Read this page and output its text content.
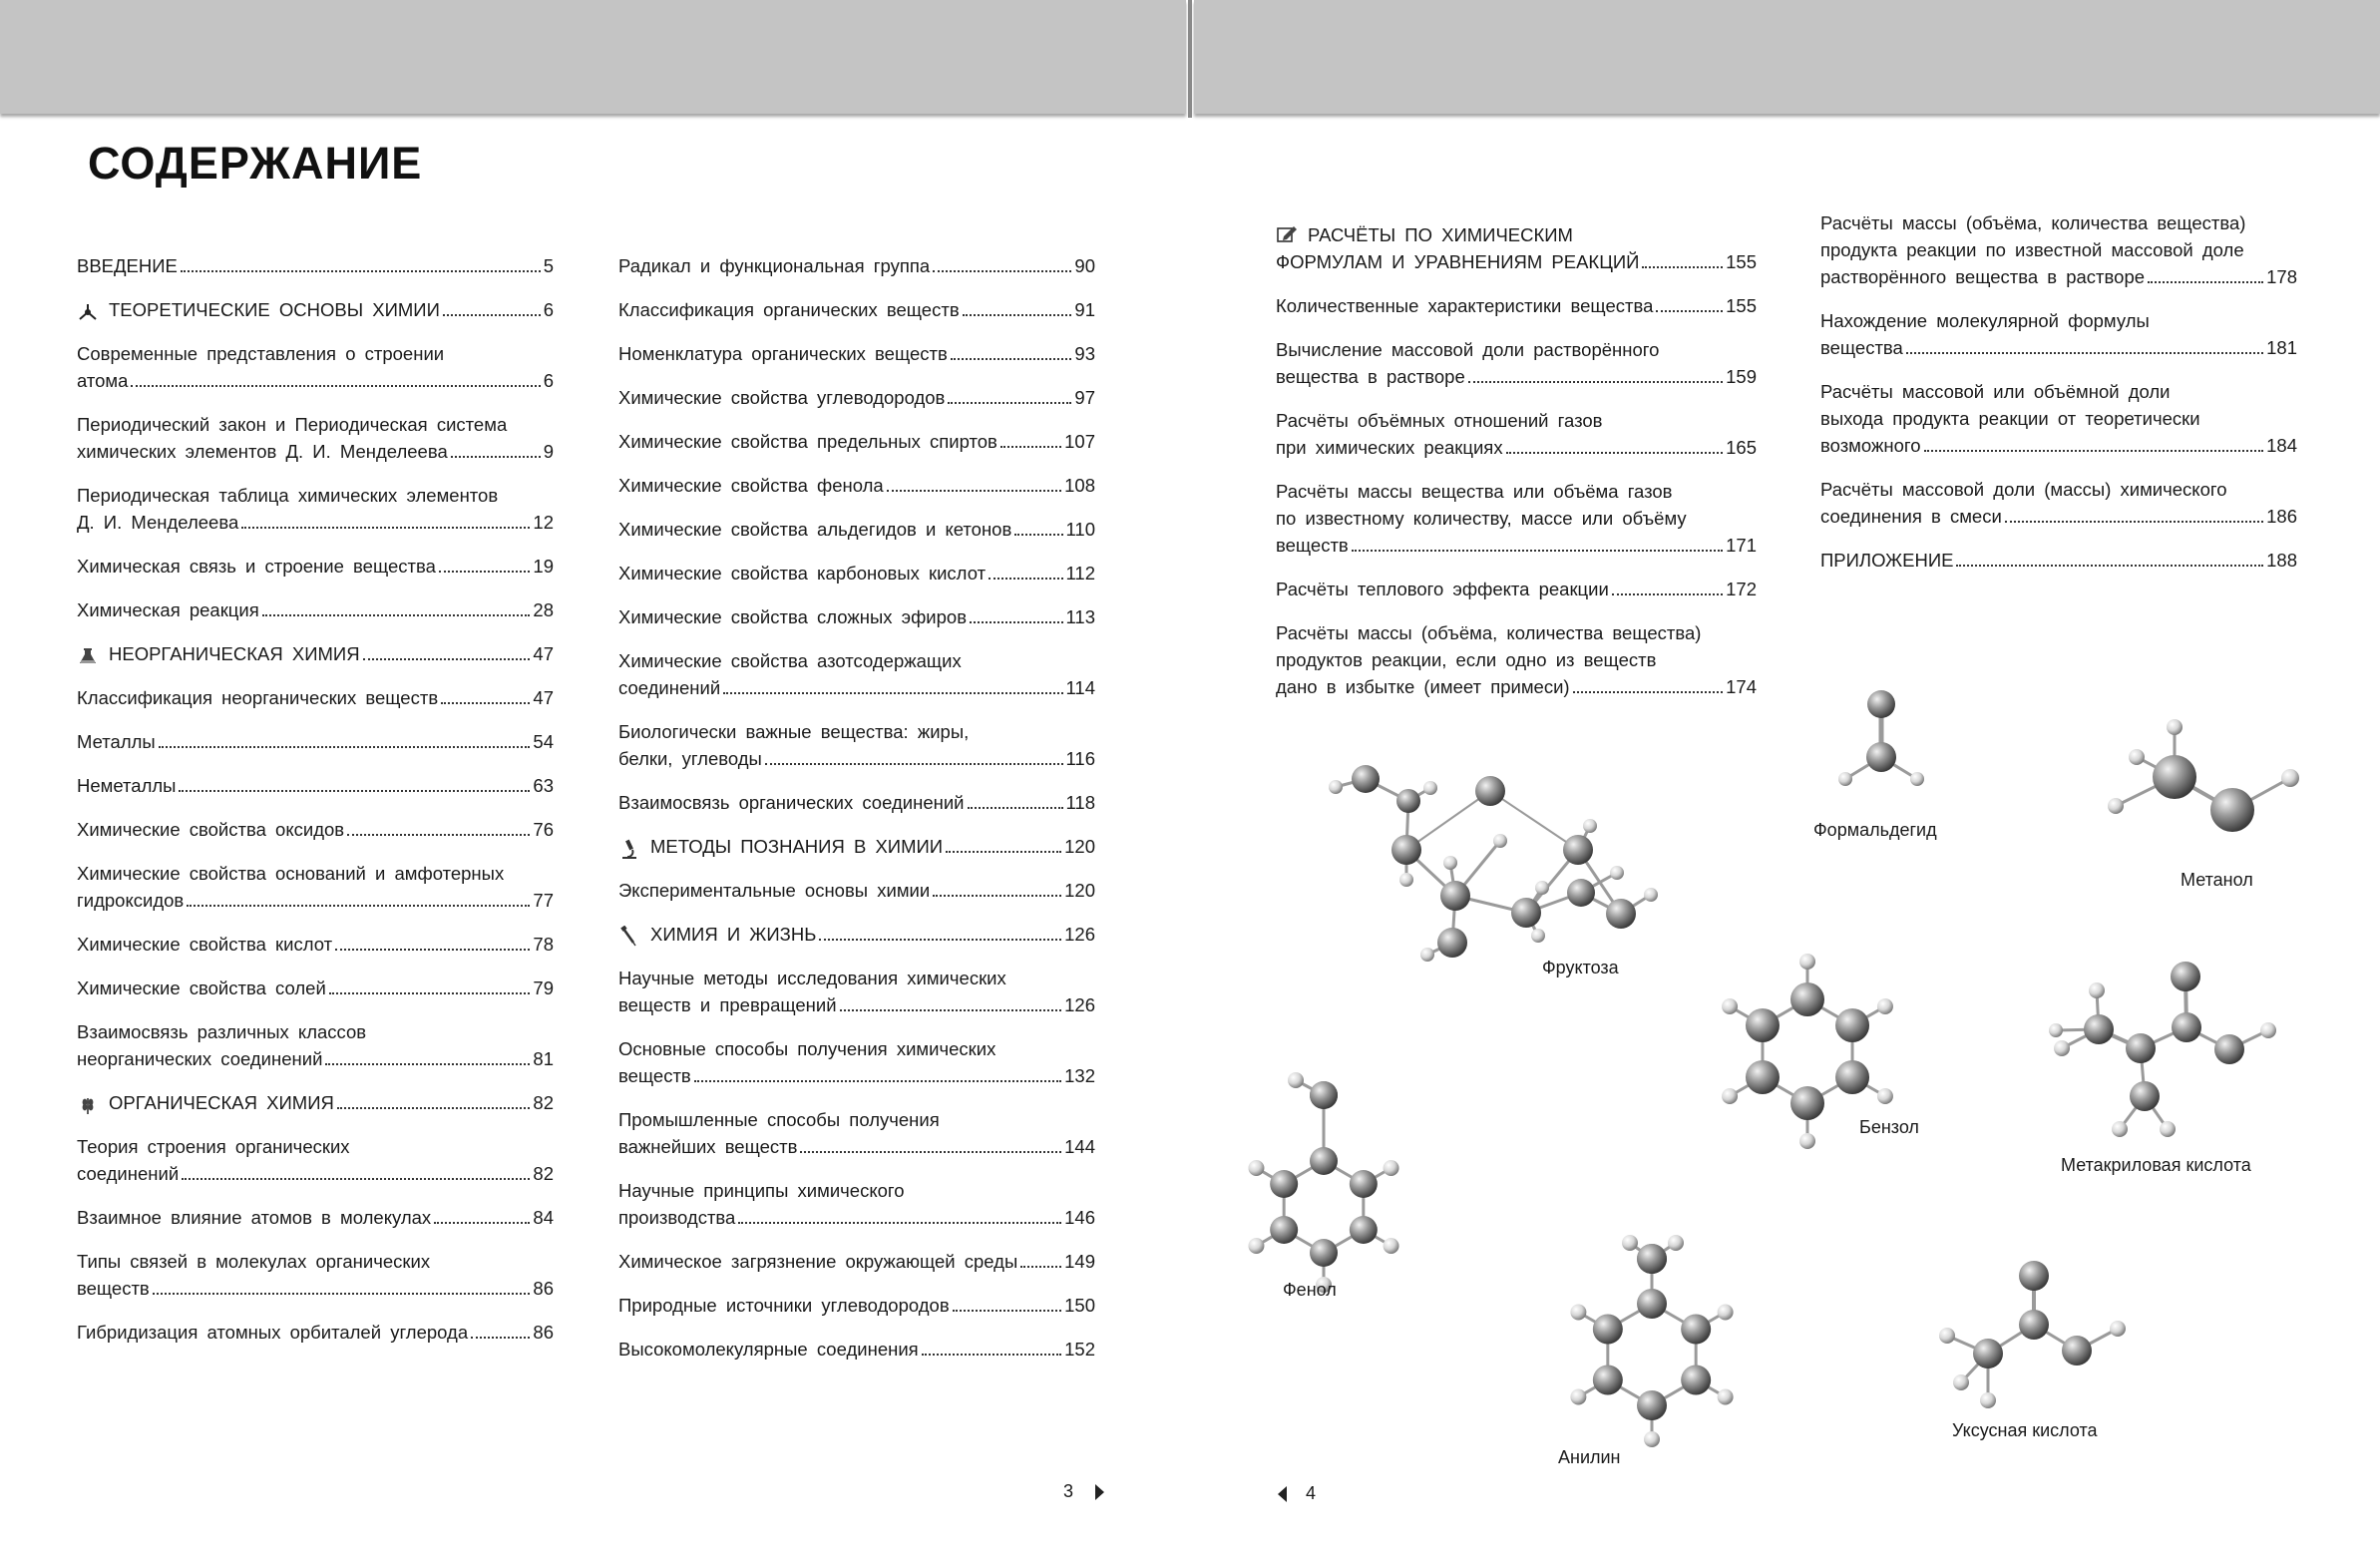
СОДЕРЖАНИЕ
ВВЕДЕНИЕ	5
ТЕОРЕТИЧЕСКИЕ ОСНОВЫ ХИМИИ	6
Современные представления о строении
атома	6
Периодический закон и Периодическая система
химических элементов Д. И. Менделеева	9
Периодическая таблица химических элементов
Д. И. Менделеева	12
Химическая связь и строение вещества	19
Химическая реакция	28
НЕОРГАНИЧЕСКАЯ ХИМИЯ	47
Классификация неорганических веществ	47
Металлы	54
Неметаллы	63
Химические свойства оксидов	76
Химические свойства оснований и амфотерных
гидроксидов	77
Химические свойства кислот	78
Химические свойства солей	79
Взаимосвязь различных классов
неорганических соединений	81
ОРГАНИЧЕСКАЯ ХИМИЯ	82
Теория строения органических
соединений	82
Взаимное влияние атомов в молекулах	84
Типы связей в молекулах органических
веществ	86
Гибридизация атомных орбиталей углерода	86
Радикал и функциональная группа	90
Классификация органических веществ	91
Номенклатура органических веществ	93
Химические свойства углеводородов	97
Химические свойства предельных спиртов	107
Химические свойства фенола	108
Химические свойства альдегидов и кетонов	110
Химические свойства карбоновых кислот	112
Химические свойства сложных эфиров	113
Химические свойства азотсодержащих
соединений	114
Биологически важные вещества: жиры,
белки, углеводы	116
Взаимосвязь органических соединений	118
МЕТОДЫ ПОЗНАНИЯ В ХИМИИ	120
Экспериментальные основы химии	120
ХИМИЯ И ЖИЗНЬ	126
Научные методы исследования химических
веществ и превращений	126
Основные способы получения химических
веществ	132
Промышленные способы получения
важнейших веществ	144
Научные принципы химического
производства	146
Химическое загрязнение окружающей среды	149
Природные источники углеводородов	150
Высокомолекулярные соединения	152
РАСЧЁТЫ ПО ХИМИЧЕСКИМ
ФОРМУЛАМ И УРАВНЕНИЯМ РЕАКЦИЙ	155
Количественные характеристики вещества	155
Вычисление массовой доли растворённого
вещества в растворе	159
Расчёты объёмных отношений газов
при химических реакциях	165
Расчёты массы вещества или объёма газов
по известному количеству, массе или объёму
веществ	171
Расчёты теплового эффекта реакции	172
Расчёты массы (объёма, количества вещества)
продуктов реакции, если одно из веществ
дано в избытке (имеет примеси)	174
Расчёты массы (объёма, количества вещества)
продукта реакции по известной массовой доле
растворённого вещества в растворе	178
Нахождение молекулярной формулы
вещества	181
Расчёты массовой или объёмной доли
выхода продукта реакции от теоретически
возможного	184
Расчёты массовой доли (массы) химического
соединения в смеси	186
ПРИЛОЖЕНИЕ	188
3	4
Фруктоза
Формальдегид
Метанол
Бензол
Метакриловая кислота
Фенол
Анилин
Уксусная кислота
